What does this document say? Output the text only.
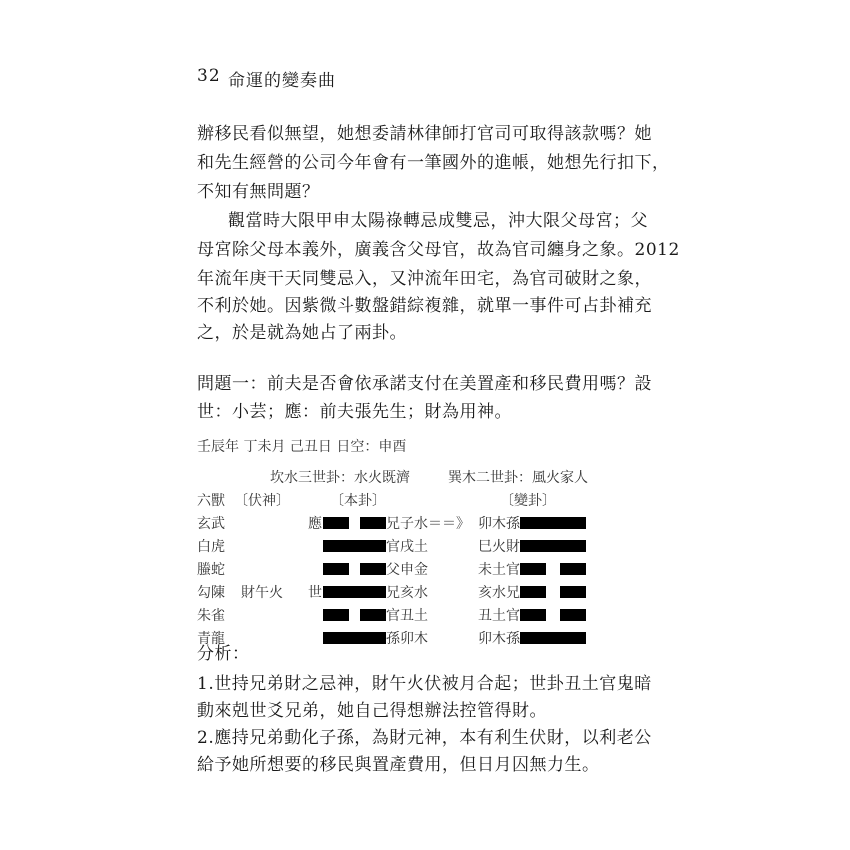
32 命運的變奏曲
辦移民看似無望，她想委請林律師打官司可取得該款嗎？她
和先生經營的公司今年會有一筆國外的進帳，她想先行扣下，
不知有無問題？
觀當時大限甲申太陽祿轉忌成雙忌，沖大限父母宮；父
母宮除父母本義外，廣義含父母官，故為官司纏身之象。2012
年流年庚干天同雙忌入，又沖流年田宅，為官司破財之象，
不利於她。因紫微斗數盤錯綜複雜，就單一事件可占卦補充
之，於是就為她占了兩卦。
問題一：前夫是否會依承諾支付在美置產和移民費用嗎？設
世：小芸；應：前夫張先生；財為用神。
壬辰年 丁未月 己丑日 日空：申酉
坎水三世卦：水火既濟	巽木二世卦：風火家人
六獸 〔伏神〕	〔本卦〕	〔變卦〕
玄武	應	兄子水 ＝＝》 卯木孫
白虎	官戌土	巳火財
螣蛇	父申金	未土官
勾陳 財午火 世	兄亥水	亥水兄
朱雀	官丑土	丑土官
青龍	孫卯木	卯木孫
分析：
1.世持兄弟財之忌神，財午火伏被月合起；世卦丑土官鬼暗
動來剋世爻兄弟，她自己得想辦法控管得財。
2.應持兄弟動化子孫，為財元神，本有利生伏財，以利老公
給予她所想要的移民與置產費用，但日月囚無力生。
